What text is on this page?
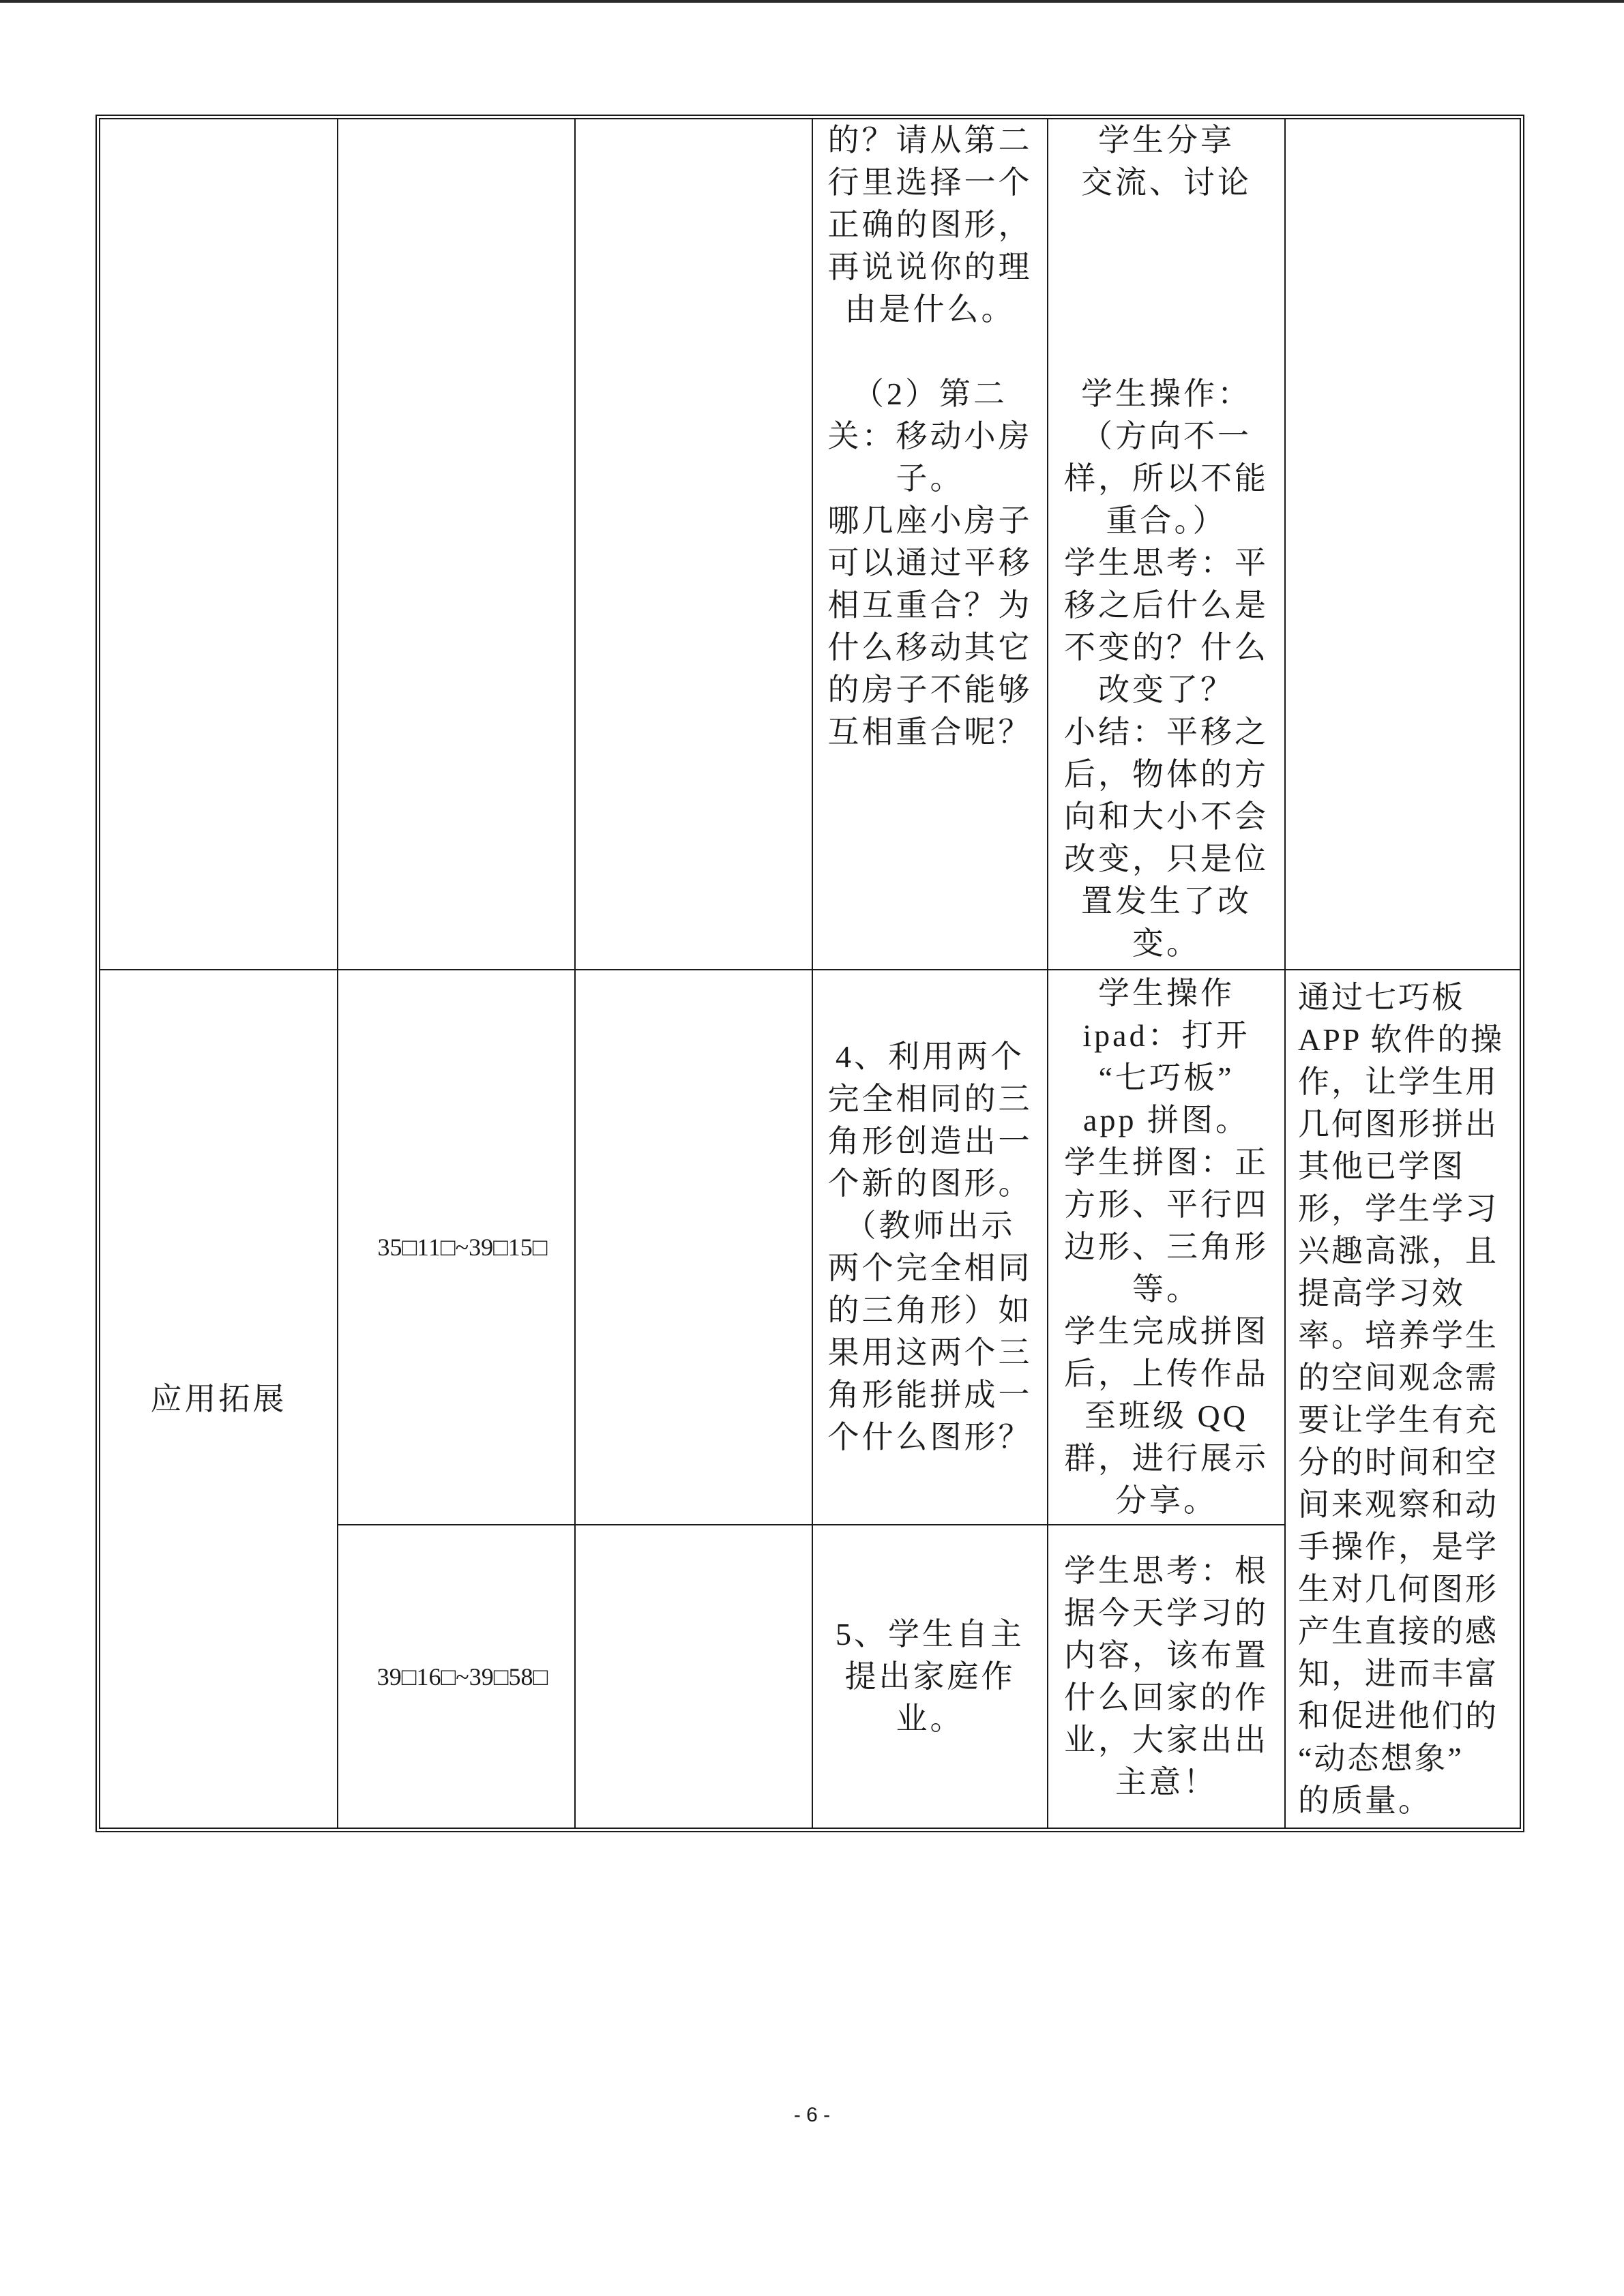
的？请从第二
行里选择一个
正确的图形，
再说说你的理
由是什么。
（2）第二
关：移动小房
子。
哪几座小房子
可以通过平移
相互重合？为
什么移动其它
的房子不能够
互相重合呢？
学生分享
交流、讨论
学生操作：
（方向不一
样，所以不能
重合。）
学生思考：平
移之后什么是
不变的？什么
改变了？
小结：平移之
后，物体的方
向和大小不会
改变，只是位
置发生了改
变。
应用拓展
35□11□~39□15□
4、利用两个
完全相同的三
角形创造出一
个新的图形。
（教师出示
两个完全相同
的三角形）如
果用这两个三
角形能拼成一
个什么图形？
学生操作
ipad：打开
“七巧板”
app 拼图。
学生拼图：正
方形、平行四
边形、三角形
等。
学生完成拼图
后，上传作品
至班级 QQ
群，进行展示
分享。
通过七巧板
APP 软件的操
作，让学生用
几何图形拼出
其他已学图
形，学生学习
兴趣高涨，且
提高学习效
率。培养学生
的空间观念需
要让学生有充
分的时间和空
间来观察和动
手操作，是学
生对几何图形
产生直接的感
知，进而丰富
和促进他们的
“动态想象”
的质量。
39□16□~39□58□
5、学生自主
提出家庭作
业。
学生思考：根
据今天学习的
内容，该布置
什么回家的作
业，大家出出
主意！
- 6 -
